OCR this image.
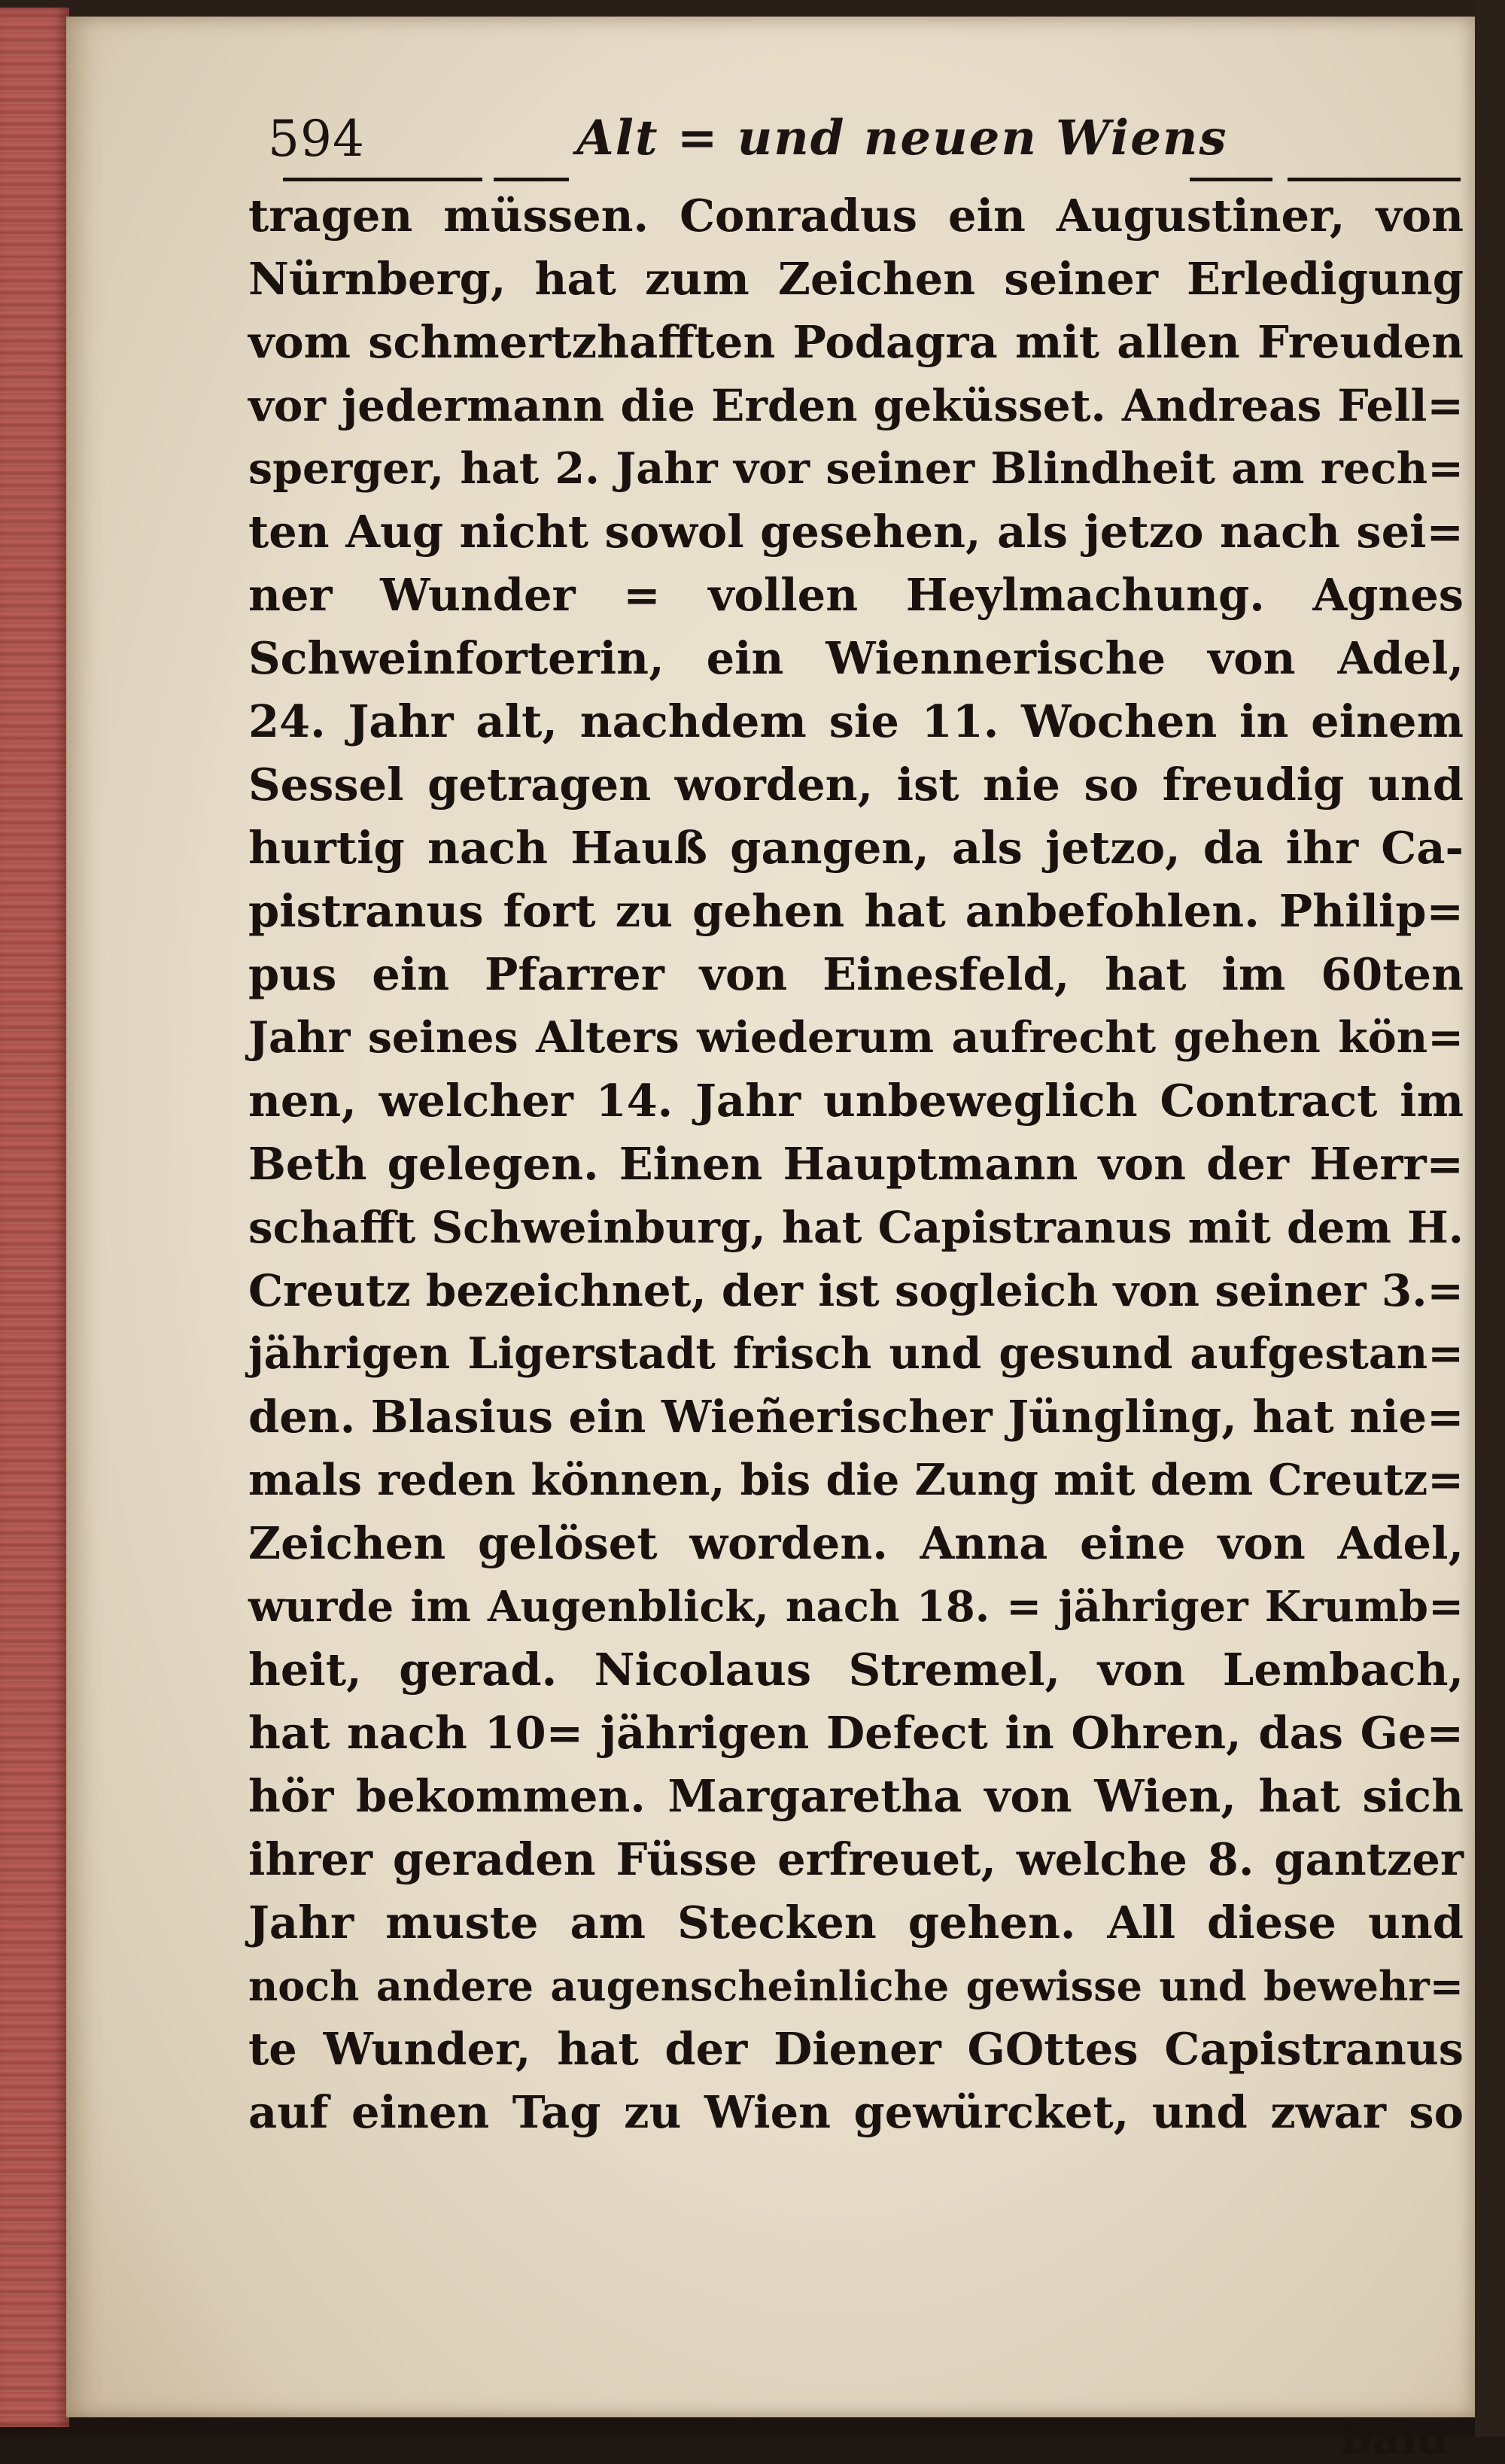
594	Alt = und neuen Wiens
tragen müssen. Conradus ein Augustiner, von
Nürnberg, hat zum Zeichen seiner Erledigung
vom schmertzhafften Podagra mit allen Freuden
vor jedermann die Erden geküsset. Andreas Fell=
sperger, hat 2. Jahr vor seiner Blindheit am rech=
ten Aug nicht sowol gesehen, als jetzo nach sei=
ner Wunder = vollen Heylmachung. Agnes
Schweinforterin, ein Wiennerische von Adel,
24. Jahr alt, nachdem sie 11. Wochen in einem
Sessel getragen worden, ist nie so freudig und
hurtig nach Hauß gangen, als jetzo, da ihr Ca-
pistranus fort zu gehen hat anbefohlen. Philip=
pus ein Pfarrer von Einesfeld, hat im 60ten
Jahr seines Alters wiederum aufrecht gehen kön=
nen, welcher 14. Jahr unbeweglich Contract im
Beth gelegen. Einen Hauptmann von der Herr=
schafft Schweinburg, hat Capistranus mit dem H.
Creutz bezeichnet, der ist sogleich von seiner 3.=
jährigen Ligerstadt frisch und gesund aufgestan=
den. Blasius ein Wieñerischer Jüngling, hat nie=
mals reden können, bis die Zung mit dem Creutz=
Zeichen gelöset worden. Anna eine von Adel,
wurde im Augenblick, nach 18. = jähriger Krumb=
heit, gerad. Nicolaus Stremel, von Lembach,
hat nach 10= jährigen Defect in Ohren, das Ge=
hör bekommen. Margaretha von Wien, hat sich
ihrer geraden Füsse erfreuet, welche 8. gantzer
Jahr muste am Stecken gehen. All diese und
noch andere augenscheinliche gewisse und bewehr=
te Wunder, hat der Diener GOttes Capistranus
auf einen Tag zu Wien gewürcket, und zwar so
bald
